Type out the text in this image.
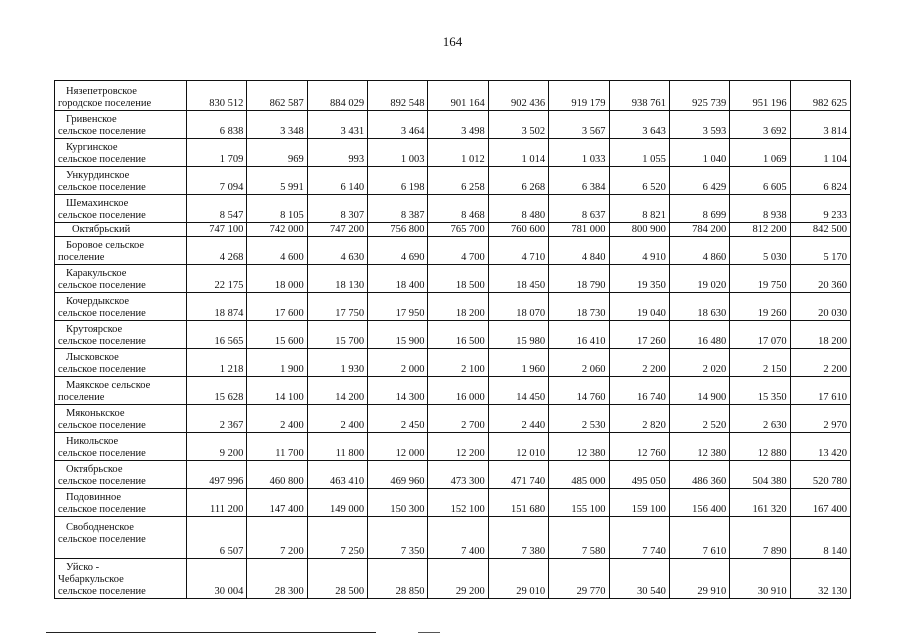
164
Нязепетровское
городское поселение	830 512	862 587	884 029	892 548	901 164	902 436	919 179	938 761	925 739	951 196	982 625

Гривенское
сельское поселение	6 838	3 348	3 431	3 464	3 498	3 502	3 567	3 643	3 593	3 692	3 814

Кургинское
сельское поселение	1 709	969	993	1 003	1 012	1 014	1 033	1 055	1 040	1 069	1 104

Ункурдинское
сельское поселение	7 094	5 991	6 140	6 198	6 258	6 268	6 384	6 520	6 429	6 605	6 824

Шемахинское
сельское поселение	8 547	8 105	8 307	8 387	8 468	8 480	8 637	8 821	8 699	8 938	9 233

Октябрьский	747 100	742 000	747 200	756 800	765 700	760 600	781 000	800 900	784 200	812 200	842 500

Боровое сельское
поселение	4 268	4 600	4 630	4 690	4 700	4 710	4 840	4 910	4 860	5 030	5 170

Каракульское
сельское поселение	22 175	18 000	18 130	18 400	18 500	18 450	18 790	19 350	19 020	19 750	20 360

Кочердыкское
сельское поселение	18 874	17 600	17 750	17 950	18 200	18 070	18 730	19 040	18 630	19 260	20 030

Крутоярское
сельское поселение	16 565	15 600	15 700	15 900	16 500	15 980	16 410	17 260	16 480	17 070	18 200

Лысковское
сельское поселение	1 218	1 900	1 930	2 000	2 100	1 960	2 060	2 200	2 020	2 150	2 200

Маякское сельское
поселение	15 628	14 100	14 200	14 300	16 000	14 450	14 760	16 740	14 900	15 350	17 610

Мяконькское
сельское поселение	2 367	2 400	2 400	2 450	2 700	2 440	2 530	2 820	2 520	2 630	2 970

Никольское
сельское поселение	9 200	11 700	11 800	12 000	12 200	12 010	12 380	12 760	12 380	12 880	13 420

Октябрьское
сельское поселение	497 996	460 800	463 410	469 960	473 300	471 740	485 000	495 050	486 360	504 380	520 780

Подовинное
сельское поселение	111 200	147 400	149 000	150 300	152 100	151 680	155 100	159 100	156 400	161 320	167 400

Свободненское
сельское поселение	6 507	7 200	7 250	7 350	7 400	7 380	7 580	7 740	7 610	7 890	8 140

Уйско -
Чебаркульское
сельское поселение	30 004	28 300	28 500	28 850	29 200	29 010	29 770	30 540	29 910	30 910	32 130
